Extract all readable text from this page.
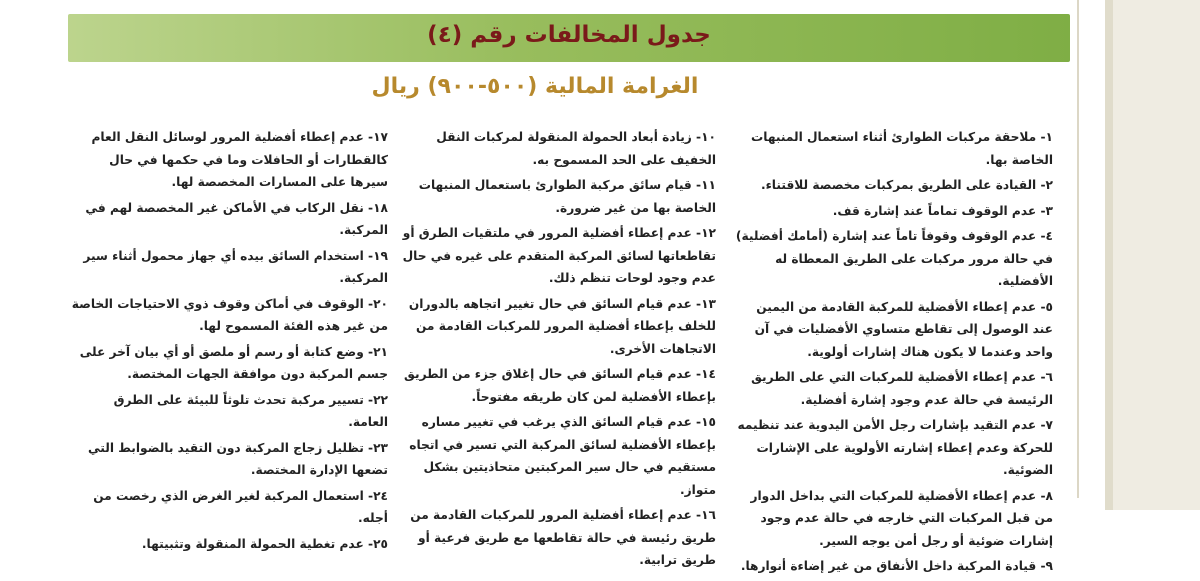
جدول المخالفات رقم (٤)
الغرامة المالية (٥٠٠-٩٠٠) ريال

١- ملاحقة مركبات الطوارئ أثناء استعمال المنبهات الخاصة بها.

٢- القيادة على الطريق بمركبات مخصصة للاقتناء.

٣- عدم الوقوف تماماً عند إشارة قف.

٤- عدم الوقوف وقوفاً تاماً عند إشارة (أمامك أفضلية) في حالة مرور مركبات على الطريق المعطاة له الأفضلية.

٥- عدم إعطاء الأفضلية للمركبة القادمة من اليمين عند الوصول إلى تقاطع متساوي الأفضليات في آن واحد وعندما لا يكون هناك إشارات أولوية.

٦- عدم إعطاء الأفضلية للمركبات التي على الطريق الرئيسة في حالة عدم وجود إشارة أفضلية.

٧- عدم التقيد بإشارات رجل الأمن اليدوية عند تنظيمه للحركة وعدم إعطاء إشارته الأولوية على الإشارات الضوئية.

٨- عدم إعطاء الأفضلية للمركبات التي بداخل الدوار من قبل المركبات التي خارجه في حالة عدم وجود إشارات ضوئية أو رجل أمن يوجه السير.

٩- قيادة المركبة داخل الأنفاق من غير إضاءة أنوارها.

١٠- زيادة أبعاد الحمولة المنقولة لمركبات النقل الخفيف على الحد المسموح به.

١١- قيام سائق مركبة الطوارئ باستعمال المنبهات الخاصة بها من غير ضرورة.

١٢- عدم إعطاء أفضلية المرور في ملتقيات الطرق أو تقاطعاتها لسائق المركبة المتقدم على غيره في حال عدم وجود لوحات تنظم ذلك.

١٣- عدم قيام السائق في حال تغيير اتجاهه بالدوران للخلف بإعطاء أفضلية المرور للمركبات القادمة من الاتجاهات الأخرى.

١٤- عدم قيام السائق في حال إغلاق جزء من الطريق بإعطاء الأفضلية لمن كان طريقه مفتوحاً.

١٥- عدم قيام السائق الذي يرغب في تغيير مساره بإعطاء الأفضلية لسائق المركبة التي تسير في اتجاه مستقيم في حال سير المركبتين متحاذيتين بشكل متواز.

١٦- عدم إعطاء أفضلية المرور للمركبات القادمة من طريق رئيسة في حالة تقاطعها مع طريق فرعية أو طريق ترابية.

١٧- عدم إعطاء أفضلية المرور لوسائل النقل العام كالقطارات أو الحافلات وما في حكمها في حال سيرها على المسارات المخصصة لها.

١٨- نقل الركاب في الأماكن غير المخصصة لهم في المركبة.

١٩- استخدام السائق بيده أي جهاز محمول أثناء سير المركبة.

٢٠- الوقوف في أماكن وقوف ذوي الاحتياجات الخاصة من غير هذه الفئة المسموح لها.

٢١- وضع كتابة أو رسم أو ملصق أو أي بيان آخر على جسم المركبة دون موافقة الجهات المختصة.

٢٢- تسيير مركبة تحدث تلوثاً للبيئة على الطرق العامة.

٢٣- تظليل زجاج المركبة دون التقيد بالضوابط التي تضعها الإدارة المختصة.

٢٤- استعمال المركبة لغير الغرض الذي رخصت من أجله.

٢٥- عدم تغطية الحمولة المنقولة وتثبيتها.
